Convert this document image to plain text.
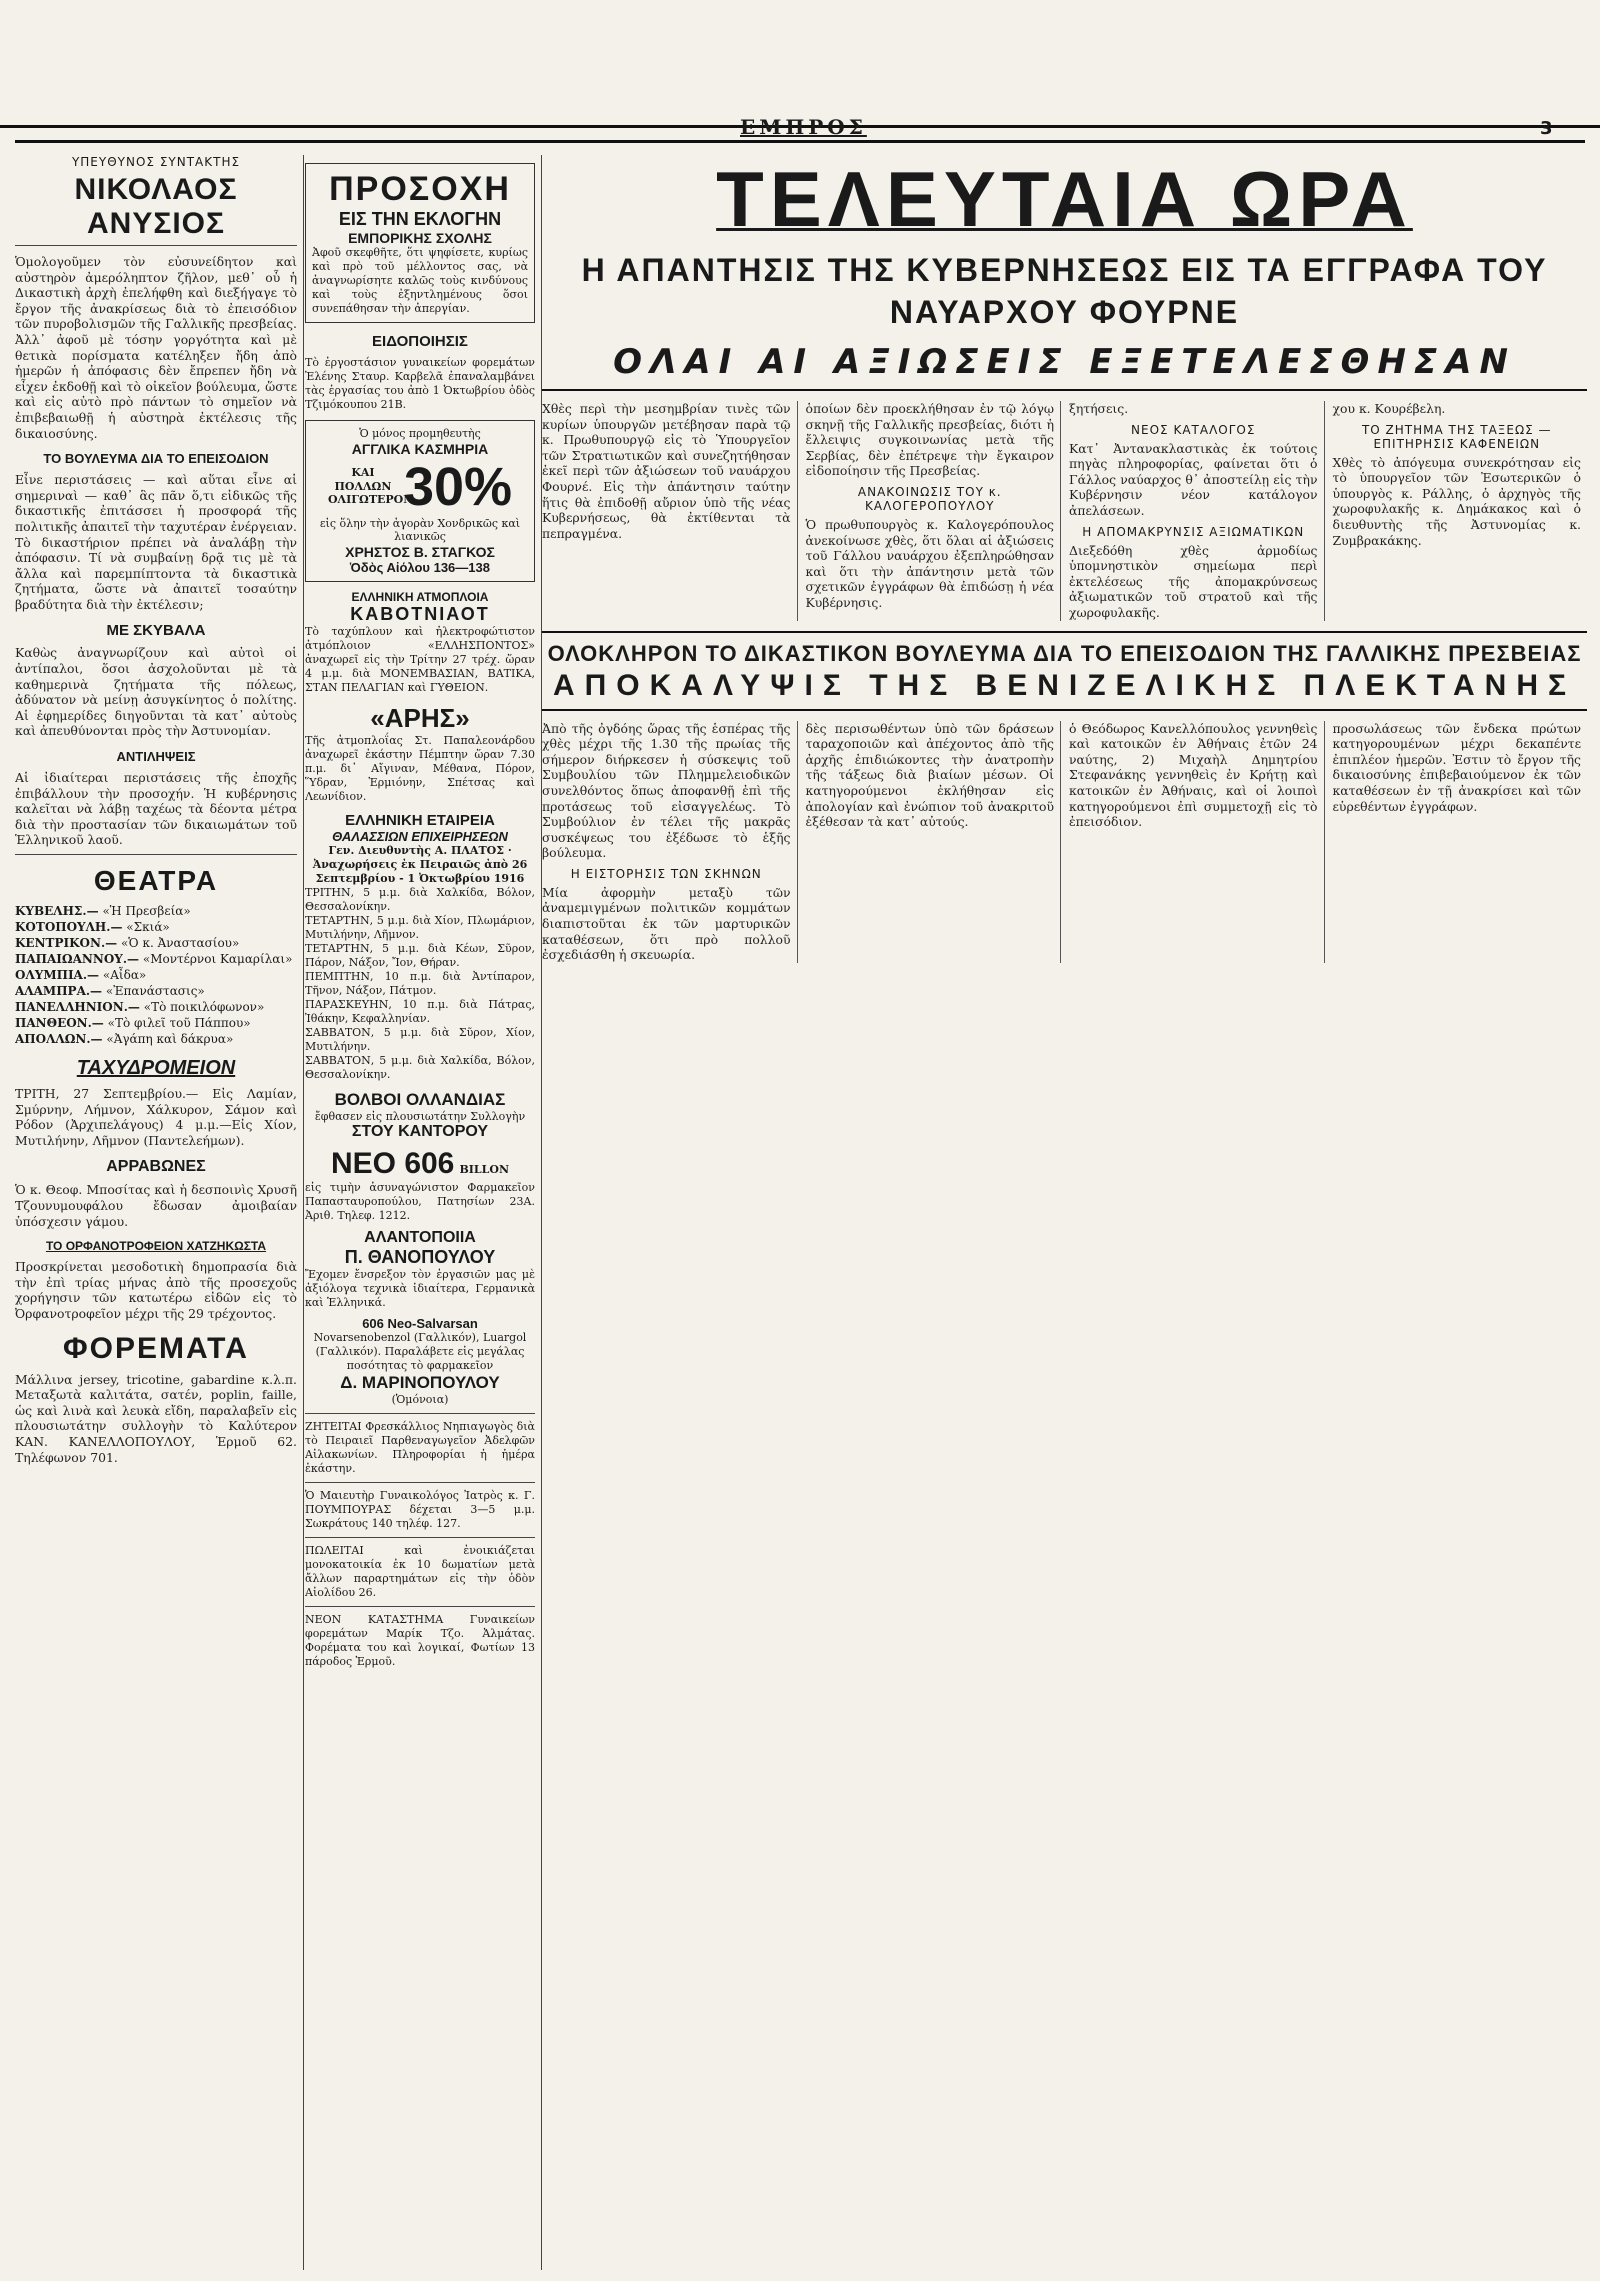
ΕΜΠΡΟΣ	3
ΥΠΕΥΘΥΝΟΣ ΣΥΝΤΑΚΤΗΣ
ΝΙΚΟΛΑΟΣ ΑΝΥΣΙΟΣ

Ὁμολογοῦμεν τὸν εὐσυνείδητον καὶ αὐστηρὸν ἀμερόληπτον ζῆλον, μεθ᾽ οὗ ἡ Δικαστικὴ ἀρχὴ ἐπελήφθη καὶ διεξήγαγε τὸ ἔργον τῆς ἀνακρίσεως διὰ τὸ ἐπεισόδιον τῶν πυροβολισμῶν τῆς Γαλλικῆς πρεσβείας. Ἀλλ᾽ ἀφοῦ μὲ τόσην γοργότητα καὶ μὲ θετικὰ πορίσματα κατέληξεν ἤδη ἀπὸ ἡμερῶν ἡ ἀπόφασις δὲν ἔπρεπεν ἤδη νὰ εἶχεν ἐκδοθῇ καὶ τὸ οἰκεῖον βούλευμα, ὥστε καὶ εἰς αὐτὸ πρὸ πάντων τὸ σημεῖον νὰ ἐπιβεβαιωθῇ ἡ αὐστηρὰ ἐκτέλεσις τῆς δικαιοσύνης.

ΤΟ ΒΟΥΛΕΥΜΑ ΔΙΑ ΤΟ ΕΠΕΙΣΟΔΙΟΝ

Εἶνε περιστάσεις — καὶ αὕται εἶνε αἱ σημεριναὶ — καθ᾽ ἃς πᾶν ὅ,τι εἰδικῶς τῆς δικαστικῆς ἐπιτάσσει ἡ προσφορά τῆς πολιτικῆς ἀπαιτεῖ τὴν ταχυτέραν ἐνέργειαν. Τὸ δικαστήριον πρέπει νὰ ἀναλάβῃ τὴν ἀπόφασιν. Τί νὰ συμβαίνῃ δρᾷ τις μὲ τὰ ἄλλα καὶ παρεμπίπτοντα τὰ δικαστικὰ ζητήματα, ὥστε νὰ ἀπαιτεῖ τοσαύτην βραδύτητα διὰ τὴν ἐκτέλεσιν;

ΜΕ ΣΚΥΒΑΛΑ

Καθὼς ἀναγνωρίζουν καὶ αὐτοὶ οἱ ἀντίπαλοι, ὅσοι ἀσχολοῦνται μὲ τὰ καθημερινὰ ζητήματα τῆς πόλεως, ἀδύνατον νὰ μείνῃ ἀσυγκίνητος ὁ πολίτης. Αἱ ἐφημερίδες διηγοῦνται τὰ κατ᾽ αὐτοὺς καὶ ἀπευθύνονται πρὸς τὴν Ἀστυνομίαν.

ΑΝΤΙΛΗΨΕΙΣ

Αἱ ἰδιαίτεραι περιστάσεις τῆς ἐποχῆς ἐπιβάλλουν τὴν προσοχήν. Ἡ κυβέρνησις καλεῖται νὰ λάβῃ ταχέως τὰ δέοντα μέτρα διὰ τὴν προστασίαν τῶν δικαιωμάτων τοῦ Ἑλληνικοῦ λαοῦ.

ΘΕΑΤΡΑ
ΚΥΒΕΛΗΣ.— «Ἡ Πρεσβεία»
ΚΟΤΟΠΟΥΛΗ.— «Σκιά»
ΚΕΝΤΡΙΚΟΝ.— «Ὁ κ. Ἀναστασίου»
ΠΑΠΑΙΩΑΝΝΟΥ.— «Μοντέρνοι Καμαρίλαι»
ΟΛΥΜΠΙΑ.— «Αἶδα»
ΑΛΑΜΠΡΑ.— «Ἐπανάστασις»
ΠΑΝΕΛΛΗΝΙΟΝ.— «Τὸ ποικιλόφωνον»
ΠΑΝΘΕΟΝ.— «Τὸ φιλεῖ τοῦ Πάππου»
ΑΠΟΛΛΩΝ.— «Ἀγάπη καὶ δάκρυα»
ΤΑΧΥΔΡΟΜΕΙΟΝ

ΤΡΙΤΗ, 27 Σεπτεμβρίου.— Εἰς Λαμίαν, Σμύρνην, Λήμνον, Χάλκυρον, Σάμον καὶ Ρόδον (Ἀρχιπελάγους) 4 μ.μ.—Εἰς Χίον, Μυτιλήνην, Λῆμνον (Παντελεήμων).

ΑΡΡΑΒΩΝΕΣ

Ὁ κ. Θεοφ. Μποσίτας καὶ ἡ δεσποινὶς Χρυσῆ Τζουνυμουφάλου ἔδωσαν ἀμοιβαίαν ὑπόσχεσιν γάμου.

ΤΟ ΟΡΦΑΝΟΤΡΟΦΕΙΟΝ ΧΑΤΖΗΚΩΣΤΑ

Προσκρίνεται μεσοδοτικὴ δημοπρασία διὰ τὴν ἐπὶ τρίας μήνας ἀπὸ τῆς προσεχοῦς χορήγησιν τῶν κατωτέρω εἰδῶν εἰς τὸ Ὀρφανοτροφεῖον μέχρι τῆς 29 τρέχοντος.

ΦΟΡΕΜΑΤΑ

Μάλλινα jersey, tricotine, gabardine κ.λ.π. Μεταξωτὰ καλιτάτα, σατέν, poplin, faille, ὡς καὶ λινὰ καὶ λευκὰ εἴδη, παραλαβεῖν εἰς πλουσιωτάτην συλλογὴν τὸ Καλύτερον ΚΑΝ. ΚΑΝΕΛΛΟΠΟΥΛΟΥ, Ἑρμοῦ 62. Τηλέφωνον 701.

ΠΡΟΣΟΧΗ
ΕΙΣ ΤΗΝ ΕΚΛΟΓΗΝ
ΕΜΠΟΡΙΚΗΣ ΣΧΟΛΗΣ

Ἀφοῦ σκεφθῆτε, ὅτι ψηφίσετε, κυρίως καὶ πρὸ τοῦ μέλλοντος σας, νὰ ἀναγνωρίσητε καλῶς τοὺς κινδύνους καὶ τοὺς ἐξηντλημένους ὅσοι συνεπάθησαν τὴν ἀπεργίαν.

ΕΙΔΟΠΟΙΗΣΙΣ

Τὸ ἐργοστάσιον γυναικείων φορεμάτων Ἐλένης Σταυρ. Καρβελᾶ ἐπαναλαμβάνει τὰς ἐργασίας του ἀπὸ 1 Ὀκτωβρίου ὁδὸς Τζιμόκουπου 21Β.

Ὁ μόνος προμηθευτὴς
ΑΓΓΛΙΚΑ ΚΑΣΜΗΡΙΑ
ΚΑΙ ΠΟΛΛΩΝ ΟΛΙΓΩΤΕΡΟΝ
30%
εἰς ὅλην τὴν ἀγορὰν Χονδρικῶς καὶ λιανικῶς
ΧΡΗΣΤΟΣ Β. ΣΤΑΓΚΟΣ
Ὁδὸς Αἰόλου 136—138
ΕΛΛΗΝΙΚΗ ΑΤΜΟΠΛΟΙΑ
ΚΑΒΟΤΝΙΑΟΤ

Τὸ ταχύπλουν καὶ ἠλεκτροφώτιστον ἀτμόπλοιον «ΕΛΛΗΣΠΟΝΤΟΣ» ἀναχωρεῖ εἰς τὴν Τρίτην 27 τρέχ. ὥραν 4 μ.μ. διὰ ΜΟΝΕΜΒΑΣΙΑΝ, ΒΑΤΙΚΑ, ΣΤΑΝ ΠΕΛΑΓΙΑΝ καὶ ΓΥΘΕΙΟΝ.

«ΑΡΗΣ»

Τῆς ἀτμοπλοΐας Στ. Παπαλεονάρδου ἀναχωρεῖ ἐκάστην Πέμπτην ὥραν 7.30 π.μ. δι᾽ Αἴγιναν, Μέθανα, Πόρον, Ὕδραν, Ἑρμιόνην, Σπέτσας καὶ Λεωνίδιον.

ΕΛΛΗΝΙΚΗ ΕΤΑΙΡΕΙΑ
ΘΑΛΑΣΣΙΩΝ ΕΠΙΧΕΙΡΗΣΕΩΝ

Γεν. Διευθυντὴς Α. ΠΛΑΤΟΣ · Ἀναχωρήσεις ἐκ Πειραιῶς ἀπὸ 26 Σεπτεμβρίου - 1 Ὀκτωβρίου 1916

ΤΡΙΤΗΝ, 5 μ.μ. διὰ Χαλκίδα, Βόλον, Θεσσαλονίκην.

ΤΕΤΑΡΤΗΝ, 5 μ.μ. διὰ Χίον, Πλωμάριον, Μυτιλήνην, Λῆμνον.

ΤΕΤΑΡΤΗΝ, 5 μ.μ. διὰ Κέων, Σῦρον, Πάρον, Νάξον, Ἴον, Θήραν.

ΠΕΜΠΤΗΝ, 10 π.μ. διὰ Ἀντίπαρον, Τῆνον, Νάξον, Πάτμον.

ΠΑΡΑΣΚΕΥΗΝ, 10 π.μ. διὰ Πάτρας, Ἰθάκην, Κεφαλληνίαν.

ΣΑΒΒΑΤΟΝ, 5 μ.μ. διὰ Σῦρον, Χίον, Μυτιλήνην.

ΣΑΒΒΑΤΟΝ, 5 μ.μ. διὰ Χαλκίδα, Βόλον, Θεσσαλονίκην.

ΒΟΛΒΟΙ ΟΛΛΑΝΔΙΑΣ
ἔφθασεν εἰς πλουσιωτάτην Συλλογὴν
ΣΤΟΥ ΚΑΝΤΟΡΟΥ
ΝΕΟ 606 BILLON

εἰς τιμὴν ἀσυναγώνιστον Φαρμακεῖον Παπασταυροπούλου, Πατησίων 23Α. Ἀριθ. Τηλεφ. 1212.

ΑΛΑΝΤΟΠΟΙΙΑ
Π. ΘΑΝΟΠΟΥΛΟΥ

Ἔχομεν ἔνσρεξον τὸν ἐργασιῶν μας μὲ ἀξιόλογα τεχνικὰ ἰδιαίτερα, Γερμανικὰ καὶ Ἑλληνικά.

606 Neo-Salvarsan

Novarsenobenzol (Γαλλικόν), Luargol (Γαλλικόν). Παραλάβετε εἰς μεγάλας ποσότητας τὸ φαρμακεῖον

Δ. ΜΑΡΙΝΟΠΟΥΛΟΥ
(Ὁμόνοια)

ΖΗΤΕΙΤΑΙ Φρεσκάλλιος Νηπιαγωγὸς διὰ τὸ Πειραιεῖ Παρθεναγωγεῖον Ἀδελφῶν Αἰλακωνίων. Πληροφορίαι ἡ ἡμέρα ἑκάστην.

Ὁ Μαιευτὴρ Γυναικολόγος Ἰατρὸς κ. Γ. ΠΟΥΜΠΟΥΡΑΣ δέχεται 3—5 μ.μ. Σωκράτους 140 τηλέφ. 127.

ΠΩΛΕΙΤΑΙ καὶ ἐνοικιάζεται μονοκατοικία ἐκ 10 δωματίων μετὰ ἄλλων παραρτημάτων εἰς τὴν ὁδὸν Αἰολίδου 26.

ΝΕΟΝ ΚΑΤΑΣΤΗΜΑ Γυναικείων φορεμάτων Μαρίκ Τζο. Ἀλμάτας. Φορέματα του καὶ λογικαί, Φωτίων 13 πάροδος Ἑρμοῦ.

ΤΕΛΕΥΤΑΙΑ ΩΡΑ
Η ΑΠΑΝΤΗΣΙΣ ΤΗΣ ΚΥΒΕΡΝΗΣΕΩΣ ΕΙΣ ΤΑ ΕΓΓΡΑΦΑ ΤΟΥ ΝΑΥΑΡΧΟΥ ΦΟΥΡΝΕ
ΟΛΑΙ ΑΙ ΑΞΙΩΣΕΙΣ ΕΞΕΤΕΛΕΣΘΗΣΑΝ

Χθὲς περὶ τὴν μεσημβρίαν τινὲς τῶν κυρίων ὑπουργῶν μετέβησαν παρὰ τῷ κ. Πρωθυπουργῷ εἰς τὸ Ὑπουργεῖον τῶν Στρατιωτικῶν καὶ συνεζητήθησαν ἐκεῖ περὶ τῶν ἀξιώσεων τοῦ ναυάρχου Φουρνέ. Εἰς τὴν ἀπάντησιν ταύτην ἥτις θὰ ἐπιδοθῇ αὔριον ὑπὸ τῆς νέας Κυβερνήσεως, θὰ ἐκτίθενται τὰ πεπραγμένα.

ὁποίων δὲν προεκλήθησαν ἐν τῷ λόγῳ σκηνῇ τῆς Γαλλικῆς πρεσβείας, διότι ἡ ἔλλειψις συγκοινωνίας μετὰ τῆς Σερβίας, δὲν ἐπέτρεψε τὴν ἔγκαιρον εἰδοποίησιν τῆς Πρεσβείας.

ΑΝΑΚΟΙΝΩΣΙΣ ΤΟΥ κ. ΚΑΛΟΓΕΡΟΠΟΥΛΟΥ

Ὁ πρωθυπουργὸς κ. Καλογερόπουλος ἀνεκοίνωσε χθὲς, ὅτι ὅλαι αἱ ἀξιώσεις τοῦ Γάλλου ναυάρχου ἐξεπληρώθησαν καὶ ὅτι τὴν ἀπάντησιν μετὰ τῶν σχετικῶν ἐγγράφων θὰ ἐπιδώσῃ ἡ νέα Κυβέρνησις.

ξητήσεις.

ΝΕΟΣ ΚΑΤΑΛΟΓΟΣ

Κατ᾽ Ἀντανακλαστικὰς ἐκ τούτοις πηγὰς πληροφορίας, φαίνεται ὅτι ὁ Γάλλος ναύαρχος θ᾽ ἀποστείλῃ εἰς τὴν Κυβέρνησιν νέον κατάλογον ἀπελάσεων.

Η ΑΠΟΜΑΚΡΥΝΣΙΣ ΑΞΙΩΜΑΤΙΚΩΝ

Διεξεδόθη χθὲς ἀρμοδίως ὑπομνηστικὸν σημείωμα περὶ ἐκτελέσεως τῆς ἀπομακρύνσεως ἀξιωματικῶν τοῦ στρατοῦ καὶ τῆς χωροφυλακῆς.

χου κ. Κουρέβελη.

ΤΟ ΖΗΤΗΜΑ ΤΗΣ ΤΑΞΕΩΣ — ΕΠΙΤΗΡΗΣΙΣ ΚΑΦΕΝΕΙΩΝ

Χθὲς τὸ ἀπόγευμα συνεκρότησαν εἰς τὸ ὑπουργεῖον τῶν Ἐσωτερικῶν ὁ ὑπουργὸς κ. Ράλλης, ὁ ἀρχηγὸς τῆς χωροφυλακῆς κ. Δημάκακος καὶ ὁ διευθυντὴς τῆς Ἀστυνομίας κ. Ζυμβρακάκης.

ΟΛΟΚΛΗΡΟΝ ΤΟ ΔΙΚΑΣΤΙΚΟΝ ΒΟΥΛΕΥΜΑ ΔΙΑ ΤΟ ΕΠΕΙΣΟΔΙΟΝ ΤΗΣ ΓΑΛΛΙΚΗΣ ΠΡΕΣΒΕΙΑΣ
ΑΠΟΚΑΛΥΨΙΣ ΤΗΣ ΒΕΝΙΖΕΛΙΚΗΣ ΠΛΕΚΤΑΝΗΣ

Ἀπὸ τῆς ὀγδόης ὥρας τῆς ἑσπέρας τῆς χθὲς μέχρι τῆς 1.30 τῆς πρωίας τῆς σήμερον διήρκεσεν ἡ σύσκεψις τοῦ Συμβουλίου τῶν Πλημμελειοδικῶν συνελθόντος ὅπως ἀποφανθῇ ἐπὶ τῆς προτάσεως τοῦ εἰσαγγελέως. Τὸ Συμβούλιον ἐν τέλει τῆς μακρᾶς συσκέψεως του ἐξέδωσε τὸ ἑξῆς βούλευμα.

Η ΕΙΣΤΟΡΗΣΙΣ ΤΩΝ ΣΚΗΝΩΝ

Μία ἀφορμὴν μεταξὺ τῶν ἀναμεμιγμένων πολιτικῶν κομμάτων διαπιστοῦται ἐκ τῶν μαρτυρικῶν καταθέσεων, ὅτι πρὸ πολλοῦ ἐσχεδιάσθη ἡ σκευωρία.

δὲς περισωθέντων ὑπὸ τῶν δράσεων ταραχοποιῶν καὶ ἀπέχοντος ἀπὸ τῆς ἀρχῆς ἐπιδιώκοντες τὴν ἀνατροπὴν τῆς τάξεως διὰ βιαίων μέσων. Οἱ κατηγορούμενοι ἐκλήθησαν εἰς ἀπολογίαν καὶ ἐνώπιον τοῦ ἀνακριτοῦ ἐξέθεσαν τὰ κατ᾽ αὐτούς.

ὁ Θεόδωρος Κανελλόπουλος γεννηθεὶς καὶ κατοικῶν ἐν Ἀθήναις ἐτῶν 24 ναύτης, 2) Μιχαὴλ Δημητρίου Στεφανάκης γεννηθεὶς ἐν Κρήτῃ καὶ κατοικῶν ἐν Ἀθήναις, καὶ οἱ λοιποὶ κατηγορούμενοι ἐπὶ συμμετοχῇ εἰς τὸ ἐπεισόδιον.

προσωλάσεως τῶν ἔνδεκα πρώτων κατηγορουμένων μέχρι δεκαπέντε ἐπιπλέον ἡμερῶν. Ἐστιν τὸ ἔργον τῆς δικαιοσύνης ἐπιβεβαιούμενον ἐκ τῶν καταθέσεων ἐν τῇ ἀνακρίσει καὶ τῶν εὑρεθέντων ἐγγράφων.
